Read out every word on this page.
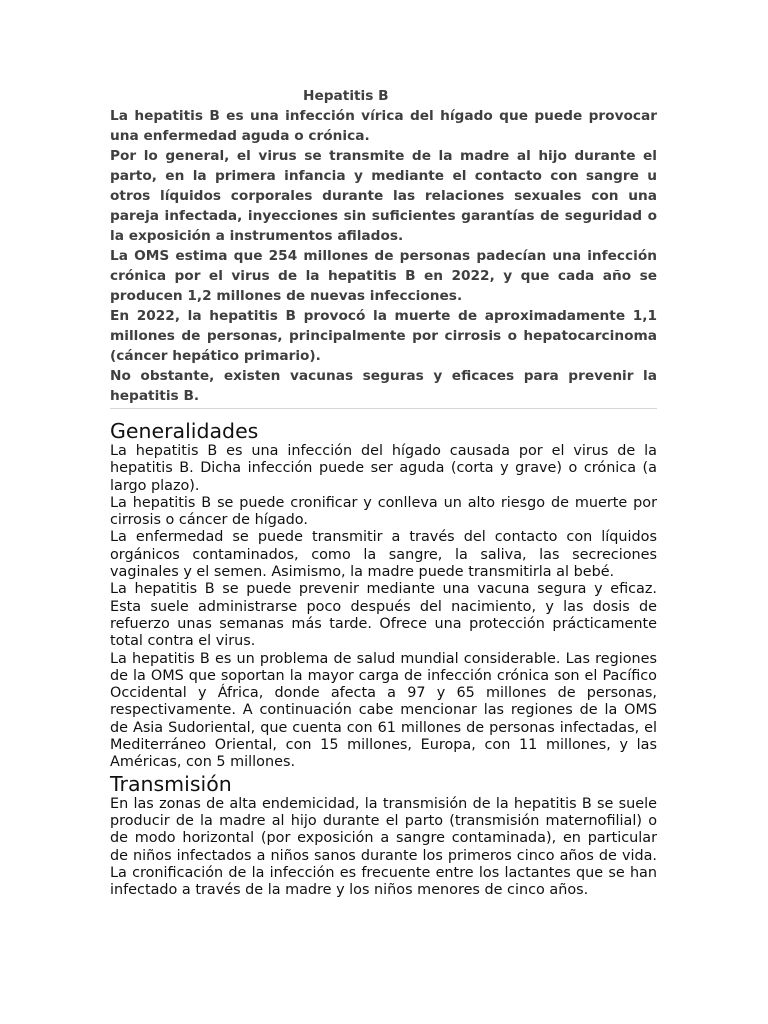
Hepatitis B

La hepatitis B es una infección vírica del hígado que puede provocar una enfermedad aguda o crónica.

Por lo general, el virus se transmite de la madre al hijo durante el parto, en la primera infancia y mediante el contacto con sangre u otros líquidos corporales durante las relaciones sexuales con una pareja infectada, inyecciones sin suficientes garantías de seguridad o la exposición a instrumentos afilados.

La OMS estima que 254 millones de personas padecían una infección crónica por el virus de la hepatitis B en 2022, y que cada año se producen 1,2 millones de nuevas infecciones.

En 2022, la hepatitis B provocó la muerte de aproximadamente 1,1 millones de personas, principalmente por cirrosis o hepatocarcinoma (cáncer hepático primario).

No obstante, existen vacunas seguras y eficaces para prevenir la hepatitis B.

Generalidades

La hepatitis B es una infección del hígado causada por el virus de la hepatitis B. Dicha infección puede ser aguda (corta y grave) o crónica (a largo plazo).

La hepatitis B se puede cronificar y conlleva un alto riesgo de muerte por cirrosis o cáncer de hígado.

La enfermedad se puede transmitir a través del contacto con líquidos orgánicos contaminados, como la sangre, la saliva, las secreciones vaginales y el semen. Asimismo, la madre puede transmitirla al bebé.

La hepatitis B se puede prevenir mediante una vacuna segura y eficaz. Esta suele administrarse poco después del nacimiento, y las dosis de refuerzo unas semanas más tarde. Ofrece una protección prácticamente total contra el virus.

La hepatitis B es un problema de salud mundial considerable. Las regiones de la OMS que soportan la mayor carga de infección crónica son el Pacífico Occidental y África, donde afecta a 97 y 65 millones de personas, respectivamente. A continuación cabe mencionar las regiones de la OMS de Asia Sudoriental, que cuenta con 61 millones de personas infectadas, el Mediterráneo Oriental, con 15 millones, Europa, con 11 millones, y las Américas, con 5 millones.

Transmisión

En las zonas de alta endemicidad, la transmisión de la hepatitis B se suele producir de la madre al hijo durante el parto (transmisión maternofilial) o de modo horizontal (por exposición a sangre contaminada), en particular de niños infectados a niños sanos durante los primeros cinco años de vida. La cronificación de la infección es frecuente entre los lactantes que se han infectado a través de la madre y los niños menores de cinco años.
